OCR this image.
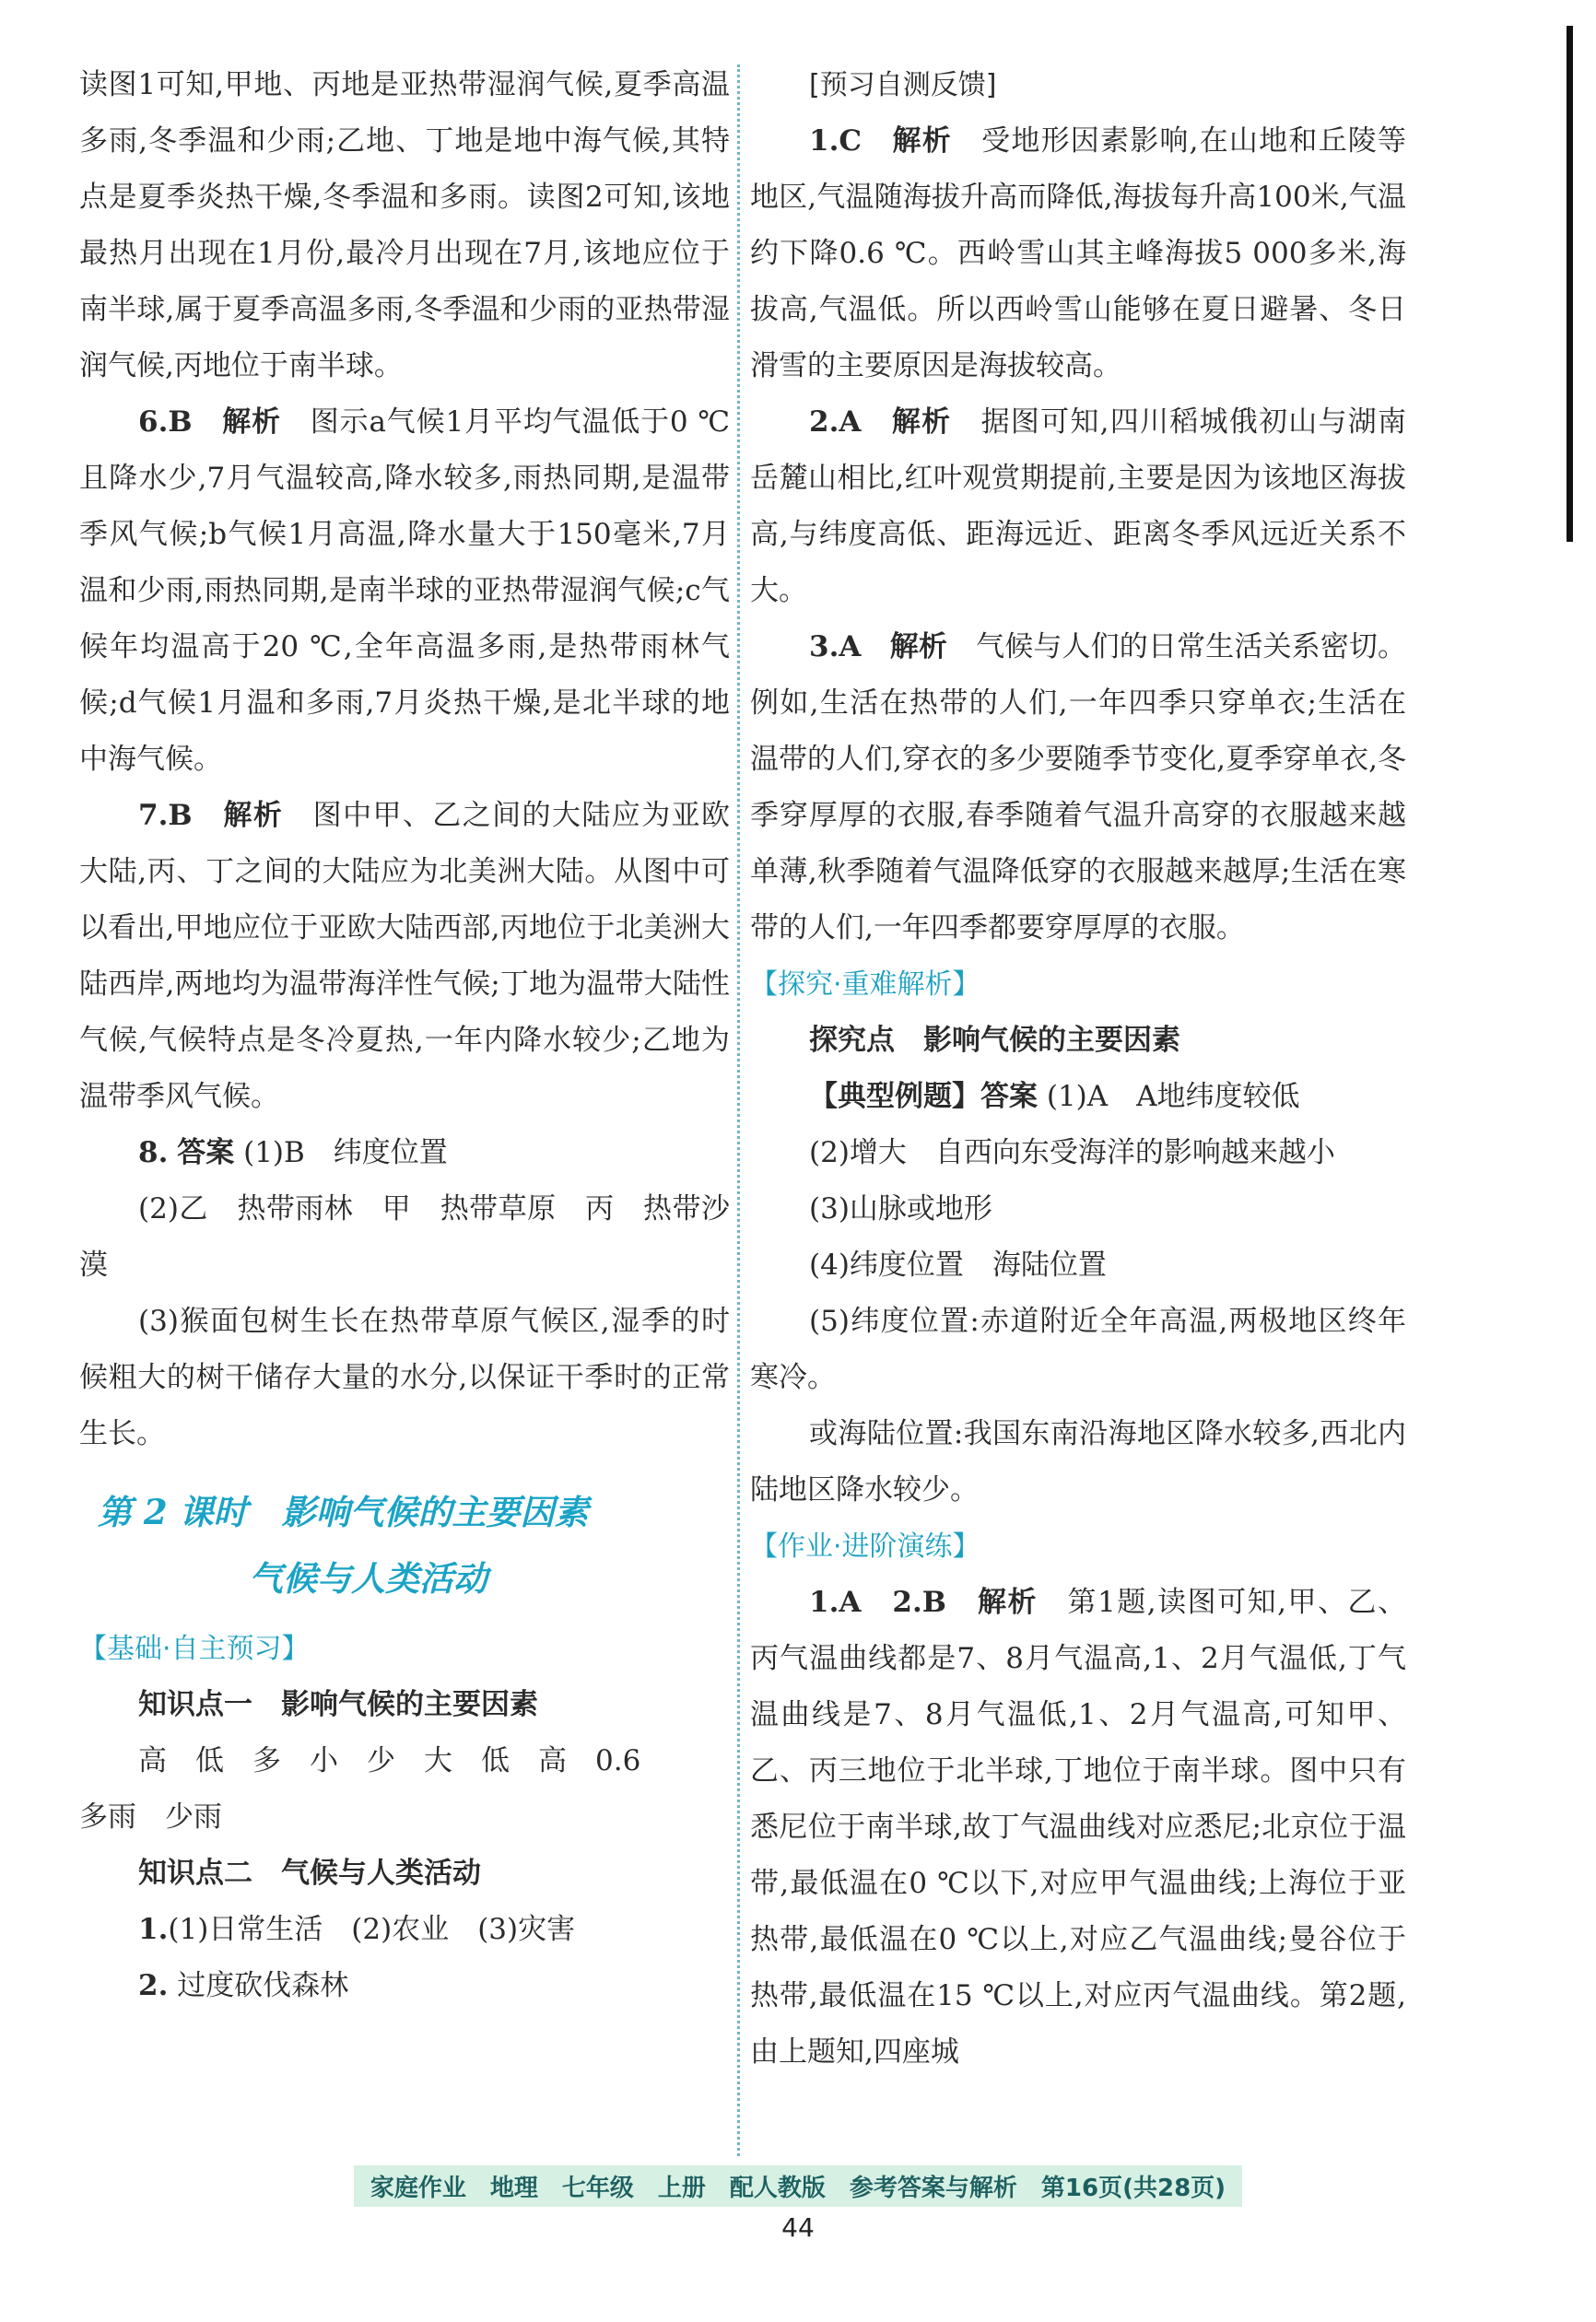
读图1可知,甲地、丙地是亚热带湿润气候,夏季高温多雨,冬季温和少雨;乙地、丁地是地中海气候,其特点是夏季炎热干燥,冬季温和多雨。读图2可知,该地最热月出现在1月份,最冷月出现在7月,该地应位于南半球,属于夏季高温多雨,冬季温和少雨的亚热带湿润气候,丙地位于南半球。

6.B　 解析　 图示a气候1月平均气温低于0 ℃且降水少,7月气温较高,降水较多,雨热同期,是温带季风气候;b气候1月高温,降水量大于150毫米,7月温和少雨,雨热同期,是南半球的亚热带湿润气候;c气候年均温高于20 ℃,全年高温多雨,是热带雨林气候;d气候1月温和多雨,7月炎热干燥,是北半球的地中海气候。

7.B　 解析　 图中甲、乙之间的大陆应为亚欧大陆,丙、丁之间的大陆应为北美洲大陆。从图中可以看出,甲地应位于亚欧大陆西部,丙地位于北美洲大陆西岸,两地均为温带海洋性气候;丁地为温带大陆性气候,气候特点是冬冷夏热,一年内降水较少;乙地为温带季风气候。

8. 答案 (1)B　纬度位置

(2)乙　热带雨林　甲　热带草原　丙　热带沙漠

(3)猴面包树生长在热带草原气候区,湿季的时候粗大的树干储存大量的水分,以保证干季时的正常生长。

第 2 课时　影响气候的主要因素
气候与人类活动

【基础·自主预习】

知识点一　影响气候的主要因素

高　低　多　小　少　大　低　高　0.6

多雨　少雨

知识点二　气候与人类活动

1.(1)日常生活　(2)农业　(3)灾害

2. 过度砍伐森林

[预习自测反馈]

1.C　 解析　 受地形因素影响,在山地和丘陵等地区,气温随海拔升高而降低,海拔每升高100米,气温约下降0.6 ℃。西岭雪山其主峰海拔5 000多米,海拔高,气温低。所以西岭雪山能够在夏日避暑、冬日滑雪的主要原因是海拔较高。

2.A　 解析　 据图可知,四川稻城俄初山与湖南岳麓山相比,红叶观赏期提前,主要是因为该地区海拔高,与纬度高低、距海远近、距离冬季风远近关系不大。

3.A　 解析　 气候与人们的日常生活关系密切。例如,生活在热带的人们,一年四季只穿单衣;生活在温带的人们,穿衣的多少要随季节变化,夏季穿单衣,冬季穿厚厚的衣服,春季随着气温升高穿的衣服越来越单薄,秋季随着气温降低穿的衣服越来越厚;生活在寒带的人们,一年四季都要穿厚厚的衣服。

【探究·重难解析】

探究点　影响气候的主要因素

【典型例题】答案 (1)A　A地纬度较低

(2)增大　自西向东受海洋的影响越来越小

(3)山脉或地形

(4)纬度位置　海陆位置

(5)纬度位置:赤道附近全年高温,两极地区终年寒冷。

或海陆位置:我国东南沿海地区降水较多,西北内陆地区降水较少。

【作业·进阶演练】

1.A　2.B　 解析　 第1题,读图可知,甲、乙、丙气温曲线都是7、8月气温高,1、2月气温低,丁气温曲线是7、8月气温低,1、2月气温高,可知甲、乙、丙三地位于北半球,丁地位于南半球。图中只有悉尼位于南半球,故丁气温曲线对应悉尼;北京位于温带,最低温在0 ℃以下,对应甲气温曲线;上海位于亚热带,最低温在0 ℃以上,对应乙气温曲线;曼谷位于热带,最低温在15 ℃以上,对应丙气温曲线。第2题,由上题知,四座城

家庭作业　地理　七年级　上册　配人教版　参考答案与解析　第16页(共28页)
44
